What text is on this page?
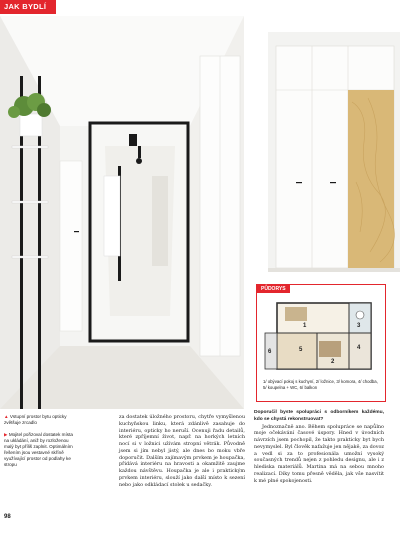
JAK BYDLÍ
PŮDORYS
1
2
3
4
5
6
1/ obývací pokoj s kuchyní, 2/ ložnice, 3/ komora, 4/ chodba, 5/ koupelna + WC, 6/ balkon
▲ Vstupní prostor bytu opticky zvětšuje zrcadlo
▶ Mojitel pořizoval dostatek místa na ukládání, aniž by rozloženou malý byt příliš zaplnit. Optimálním řešením jsou vestavné skříně využívající prostor od podlahy ke stropu

za dostatek úložného prostoru, chytře vymyšlenou kuchyňskou linku, která zdánlivě zasahuje do interiéru, opticky ho neruší. Ocenuji řadu detailů, které zpříjemní život, např. na horkých letních nocí si v ložnici užívám stropní větrák. Původně jsem si jím nebyl jistý, ale dnes bo moku vbře doporučit. Dalším zajímavým prvkem je houpačka, přidává interiéru na hravosti a okamžitě zaujme každou návštěvu. Houpačka je ale i praktickým prvkem interiéru, slouží jako další místo k sezení nebo jako odkládací stolek u sedačky.

Doporučil byste spolupráci s odborníkem každému, kdo se chystá rekonstruovat?

Jednoznačně ano. Během spolupráce se napůlno moje očekávání časové úspory. Hned v úvodních návrzích jsem pochopil, že takto prakticky byt bych nevymyslel. Byl člověk nafažuje jen nějakě, za dovoz a vedl si za to profesionála umožní vysoký současných trendů nejen z pohledu designu, ale i z hlediska materiálů. Martina má na sebou mnoho realizací. Díky tomu přesně věděla, jak vše nasvítit k mé plné spokojenosti.

98
